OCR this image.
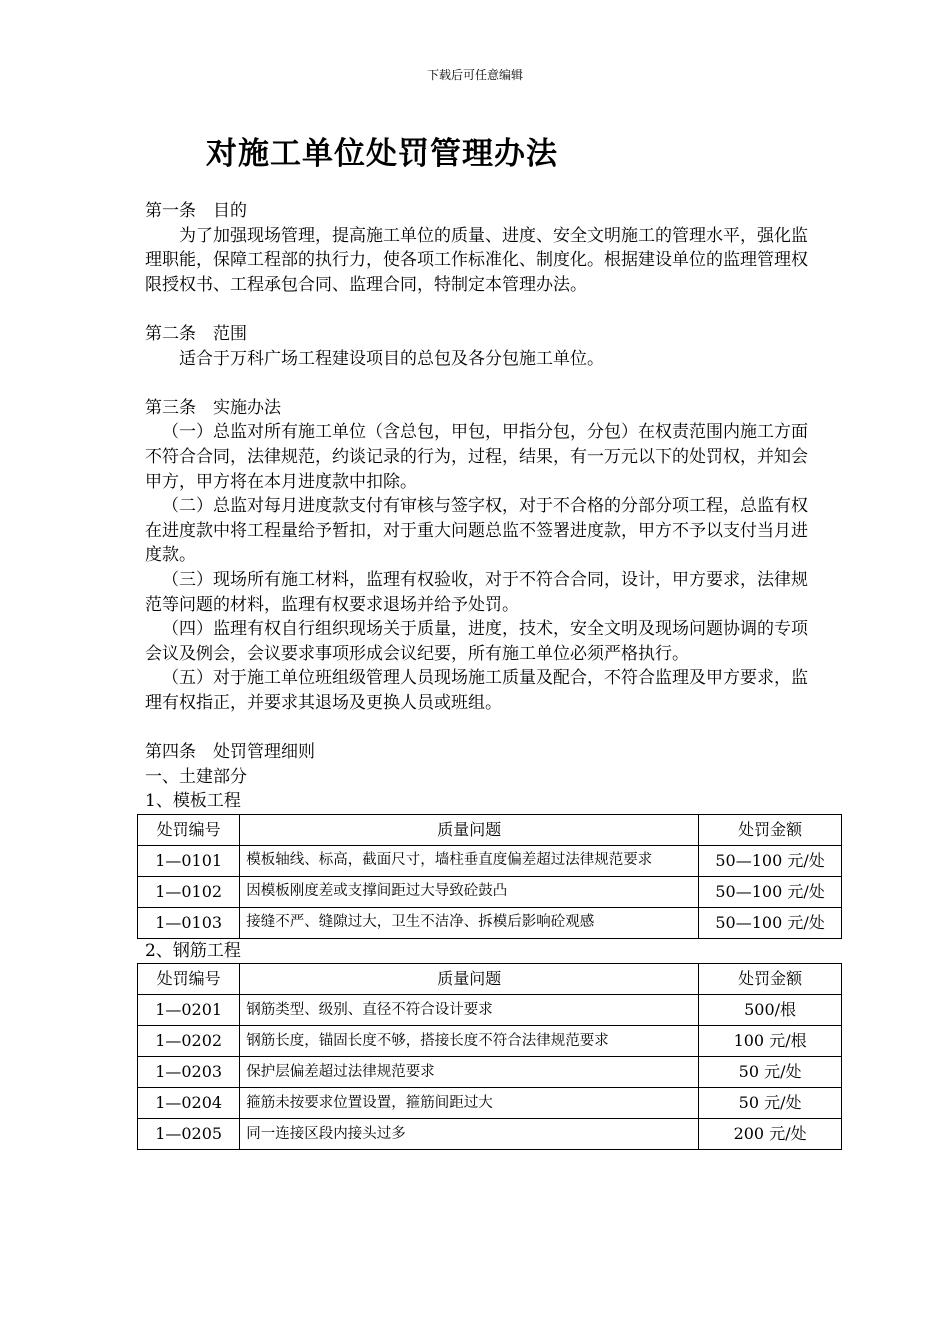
下载后可任意编辑
对施工单位处罚管理办法

第一条　目的

为了加强现场管理，提高施工单位的质量、进度、安全文明施工的管理水平，强化监理职能，保障工程部的执行力，使各项工作标准化、制度化。根据建设单位的监理管理权限授权书、工程承包合同、监理合同，特制定本管理办法。

第二条　范围

适合于万科广场工程建设项目的总包及各分包施工单位。

第三条　实施办法

（一）总监对所有施工单位（含总包，甲包，甲指分包，分包）在权责范围内施工方面不符合合同，法律规范，约谈记录的行为，过程，结果，有一万元以下的处罚权，并知会甲方，甲方将在本月进度款中扣除。

（二）总监对每月进度款支付有审核与签字权，对于不合格的分部分项工程，总监有权在进度款中将工程量给予暂扣，对于重大问题总监不签署进度款，甲方不予以支付当月进度款。

（三）现场所有施工材料，监理有权验收，对于不符合合同，设计，甲方要求，法律规范等问题的材料，监理有权要求退场并给予处罚。

（四）监理有权自行组织现场关于质量，进度，技术，安全文明及现场问题协调的专项会议及例会，会议要求事项形成会议纪要，所有施工单位必须严格执行。

（五）对于施工单位班组级管理人员现场施工质量及配合，不符合监理及甲方要求，监理有权指正，并要求其退场及更换人员或班组。

第四条　处罚管理细则

一、土建部分

1、模板工程

处罚编号	质量问题	处罚金额
1—0101	模板轴线、标高，截面尺寸，墙柱垂直度偏差超过法律规范要求	50—100 元/处
1—0102	因模板刚度差或支撑间距过大导致砼鼓凸	50—100 元/处
1—0103	接缝不严、缝隙过大，卫生不洁净、拆模后影响砼观感	50—100 元/处

2、钢筋工程

处罚编号	质量问题	处罚金额
1—0201	钢筋类型、级别、直径不符合设计要求	500/根
1—0202	钢筋长度，锚固长度不够，搭接长度不符合法律规范要求	100 元/根
1—0203	保护层偏差超过法律规范要求	50 元/处
1—0204	箍筋未按要求位置设置，箍筋间距过大	50 元/处
1—0205	同一连接区段内接头过多	200 元/处
